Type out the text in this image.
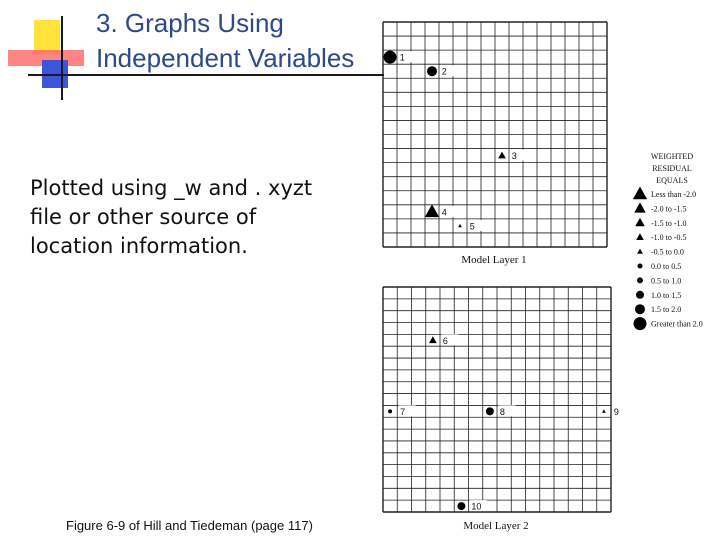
3. Graphs Using
Independent Variables
Plotted using _w and . xyzt
file or other source of
location information.
Figure 6-9 of Hill and Tiedeman (page 117)
1
2
3
4
5
6
7	8	9
10
Model Layer 1
Model Layer 2
WEIGHTED
RESIDUAL
EQUALS
Less than -2.0
-2.0 to -1.5
-1.5 to -1.0
-1.0 to -0.5
-0.5 to 0.0
0.0 to 0.5
0.5 to 1.0
1.0 to 1.5
1.5 to 2.0
Greater than 2.0
